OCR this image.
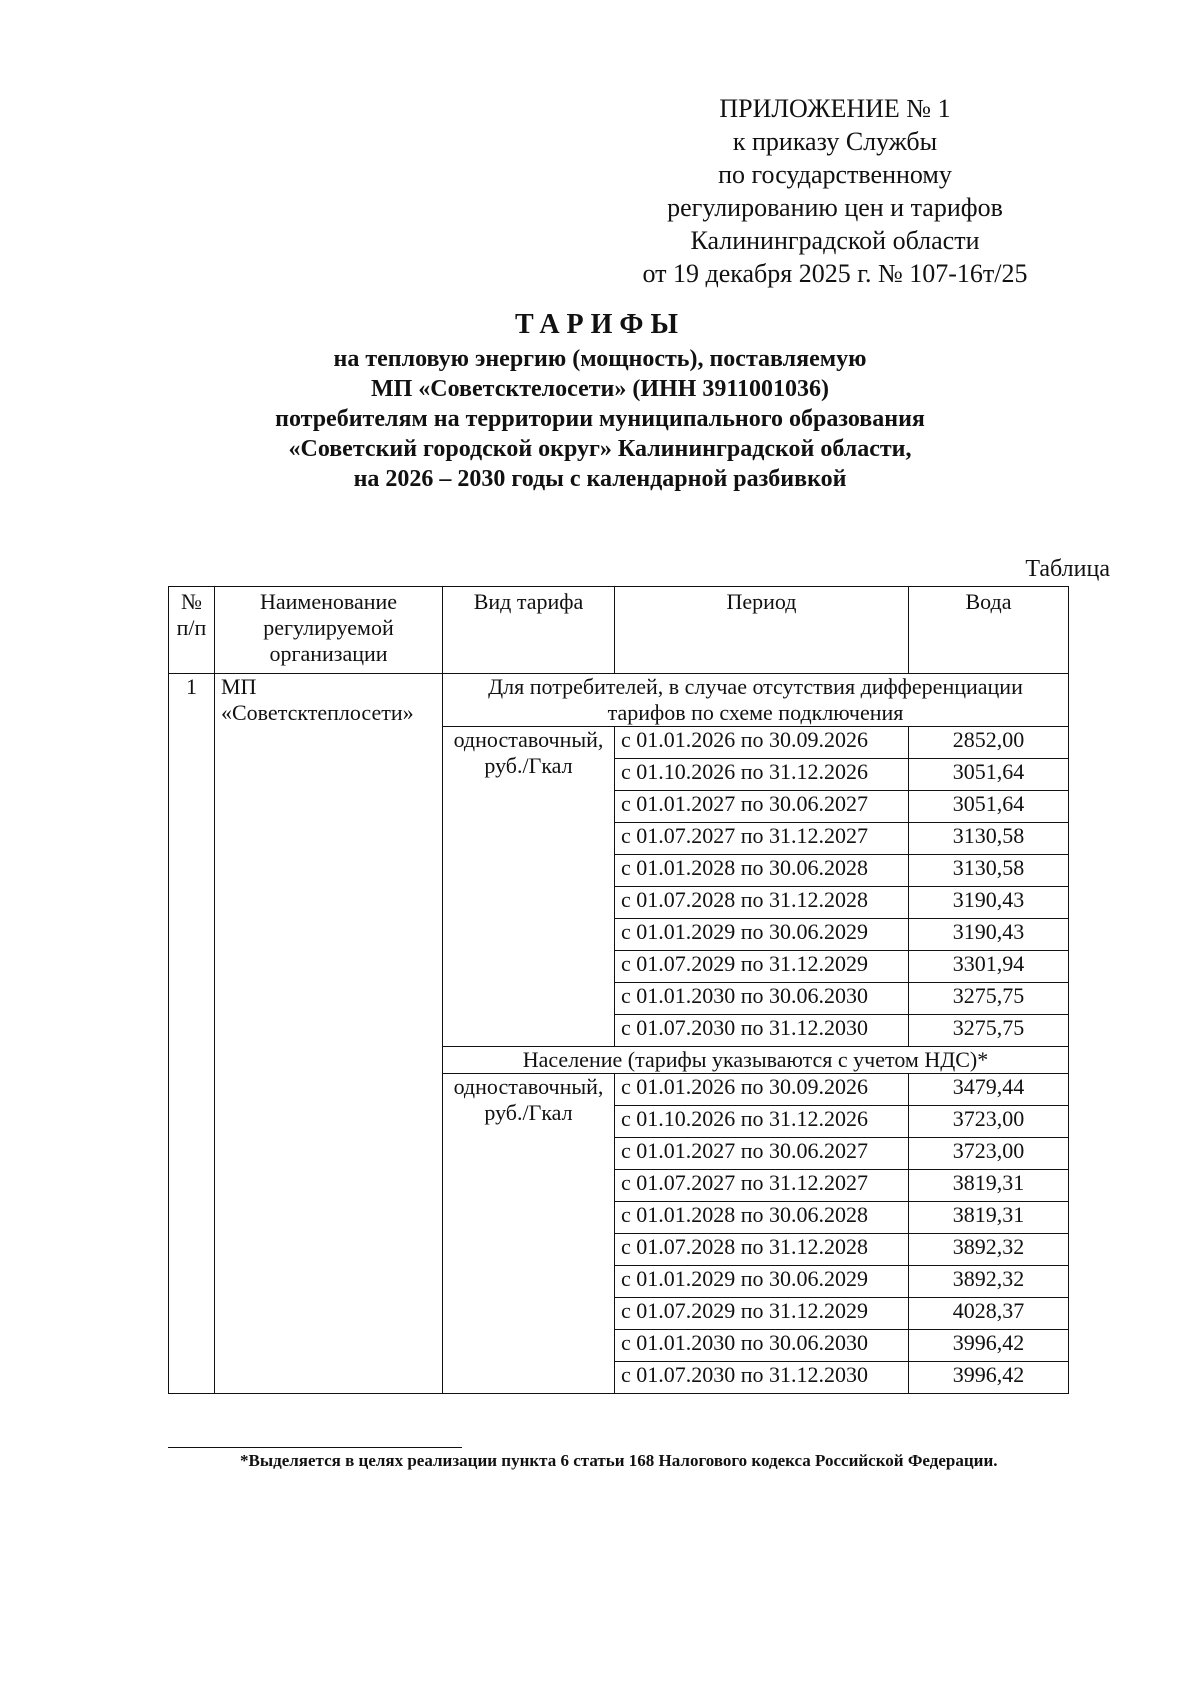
ПРИЛОЖЕНИЕ № 1
к приказу Службы
по государственному
регулированию цен и тарифов
Калининградской области
от 19 декабря 2025 г. № 107-16т/25
ТАРИФЫ
на тепловую энергию (мощность), поставляемую
МП «Советсктелосети» (ИНН 3911001036)
потребителям на территории муниципального образования
«Советский городской округ» Калининградской области,
на 2026 – 2030 годы с календарной разбивкой
Таблица
№ п/п	Наименование регулируемой организации	Вид тарифа	Период	Вода
1	МП «Советсктеплосети»	Для потребителей, в случае отсутствия дифференциации тарифов по схеме подключения		
		одноставочный, руб./Гкал	с 01.01.2026 по 30.09.2026	2852,00
			с 01.10.2026 по 31.12.2026	3051,64
			с 01.01.2027 по 30.06.2027	3051,64
			с 01.07.2027 по 31.12.2027	3130,58
			с 01.01.2028 по 30.06.2028	3130,58
			с 01.07.2028 по 31.12.2028	3190,43
			с 01.01.2029 по 30.06.2029	3190,43
			с 01.07.2029 по 31.12.2029	3301,94
			с 01.01.2030 по 30.06.2030	3275,75
			с 01.07.2030 по 31.12.2030	3275,75
		Население (тарифы указываются с учетом НДС)*		
		одноставочный, руб./Гкал	с 01.01.2026 по 30.09.2026	3479,44
			с 01.10.2026 по 31.12.2026	3723,00
			с 01.01.2027 по 30.06.2027	3723,00
			с 01.07.2027 по 31.12.2027	3819,31
			с 01.01.2028 по 30.06.2028	3819,31
			с 01.07.2028 по 31.12.2028	3892,32
			с 01.01.2029 по 30.06.2029	3892,32
			с 01.07.2029 по 31.12.2029	4028,37
			с 01.01.2030 по 30.06.2030	3996,42
			с 01.07.2030 по 31.12.2030	3996,42
*Выделяется в целях реализации пункта 6 статьи 168 Налогового кодекса Российской Федерации.
